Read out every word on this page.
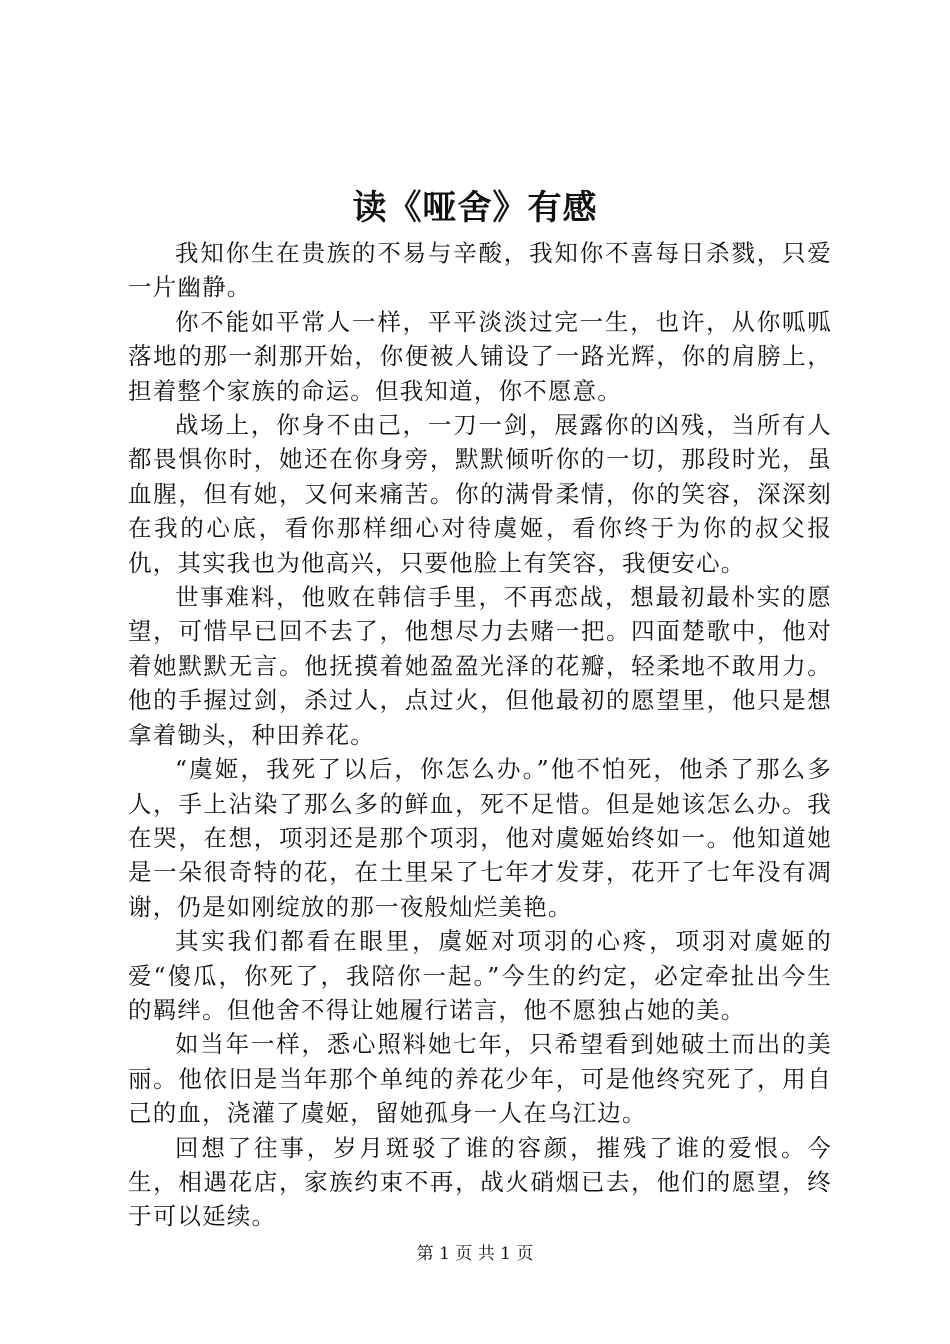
读《哑舍》有感

我知你生在贵族的不易与辛酸，我知你不喜每日杀戮，只爱一片幽静。

你不能如平常人一样，平平淡淡过完一生，也许，从你呱呱落地的那一刹那开始，你便被人铺设了一路光辉，你的肩膀上，担着整个家族的命运。但我知道，你不愿意。

战场上，你身不由己，一刀一剑，展露你的凶残，当所有人都畏惧你时，她还在你身旁，默默倾听你的一切，那段时光，虽血腥，但有她，又何来痛苦。你的满骨柔情，你的笑容，深深刻在我的心底，看你那样细心对待虞姬，看你终于为你的叔父报仇，其实我也为他高兴，只要他脸上有笑容，我便安心。

世事难料，他败在韩信手里，不再恋战，想最初最朴实的愿望，可惜早已回不去了，他想尽力去赌一把。四面楚歌中，他对着她默默无言。他抚摸着她盈盈光泽的花瓣，轻柔地不敢用力。他的手握过剑，杀过人，点过火，但他最初的愿望里，他只是想拿着锄头，种田养花。

“虞姬，我死了以后，你怎么办。”他不怕死，他杀了那么多人，手上沾染了那么多的鲜血，死不足惜。但是她该怎么办。我在哭，在想，项羽还是那个项羽，他对虞姬始终如一。他知道她是一朵很奇特的花，在土里呆了七年才发芽，花开了七年没有凋谢，仍是如刚绽放的那一夜般灿烂美艳。

其实我们都看在眼里，虞姬对项羽的心疼，项羽对虞姬的爱“傻瓜，你死了，我陪你一起。”今生的约定，必定牵扯出今生的羁绊。但他舍不得让她履行诺言，他不愿独占她的美。

如当年一样，悉心照料她七年，只希望看到她破土而出的美丽。他依旧是当年那个单纯的养花少年，可是他终究死了，用自己的血，浇灌了虞姬，留她孤身一人在乌江边。

回想了往事，岁月斑驳了谁的容颜，摧残了谁的爱恨。今生，相遇花店，家族约束不再，战火硝烟已去，他们的愿望，终于可以延续。

第 1 页 共 1 页
